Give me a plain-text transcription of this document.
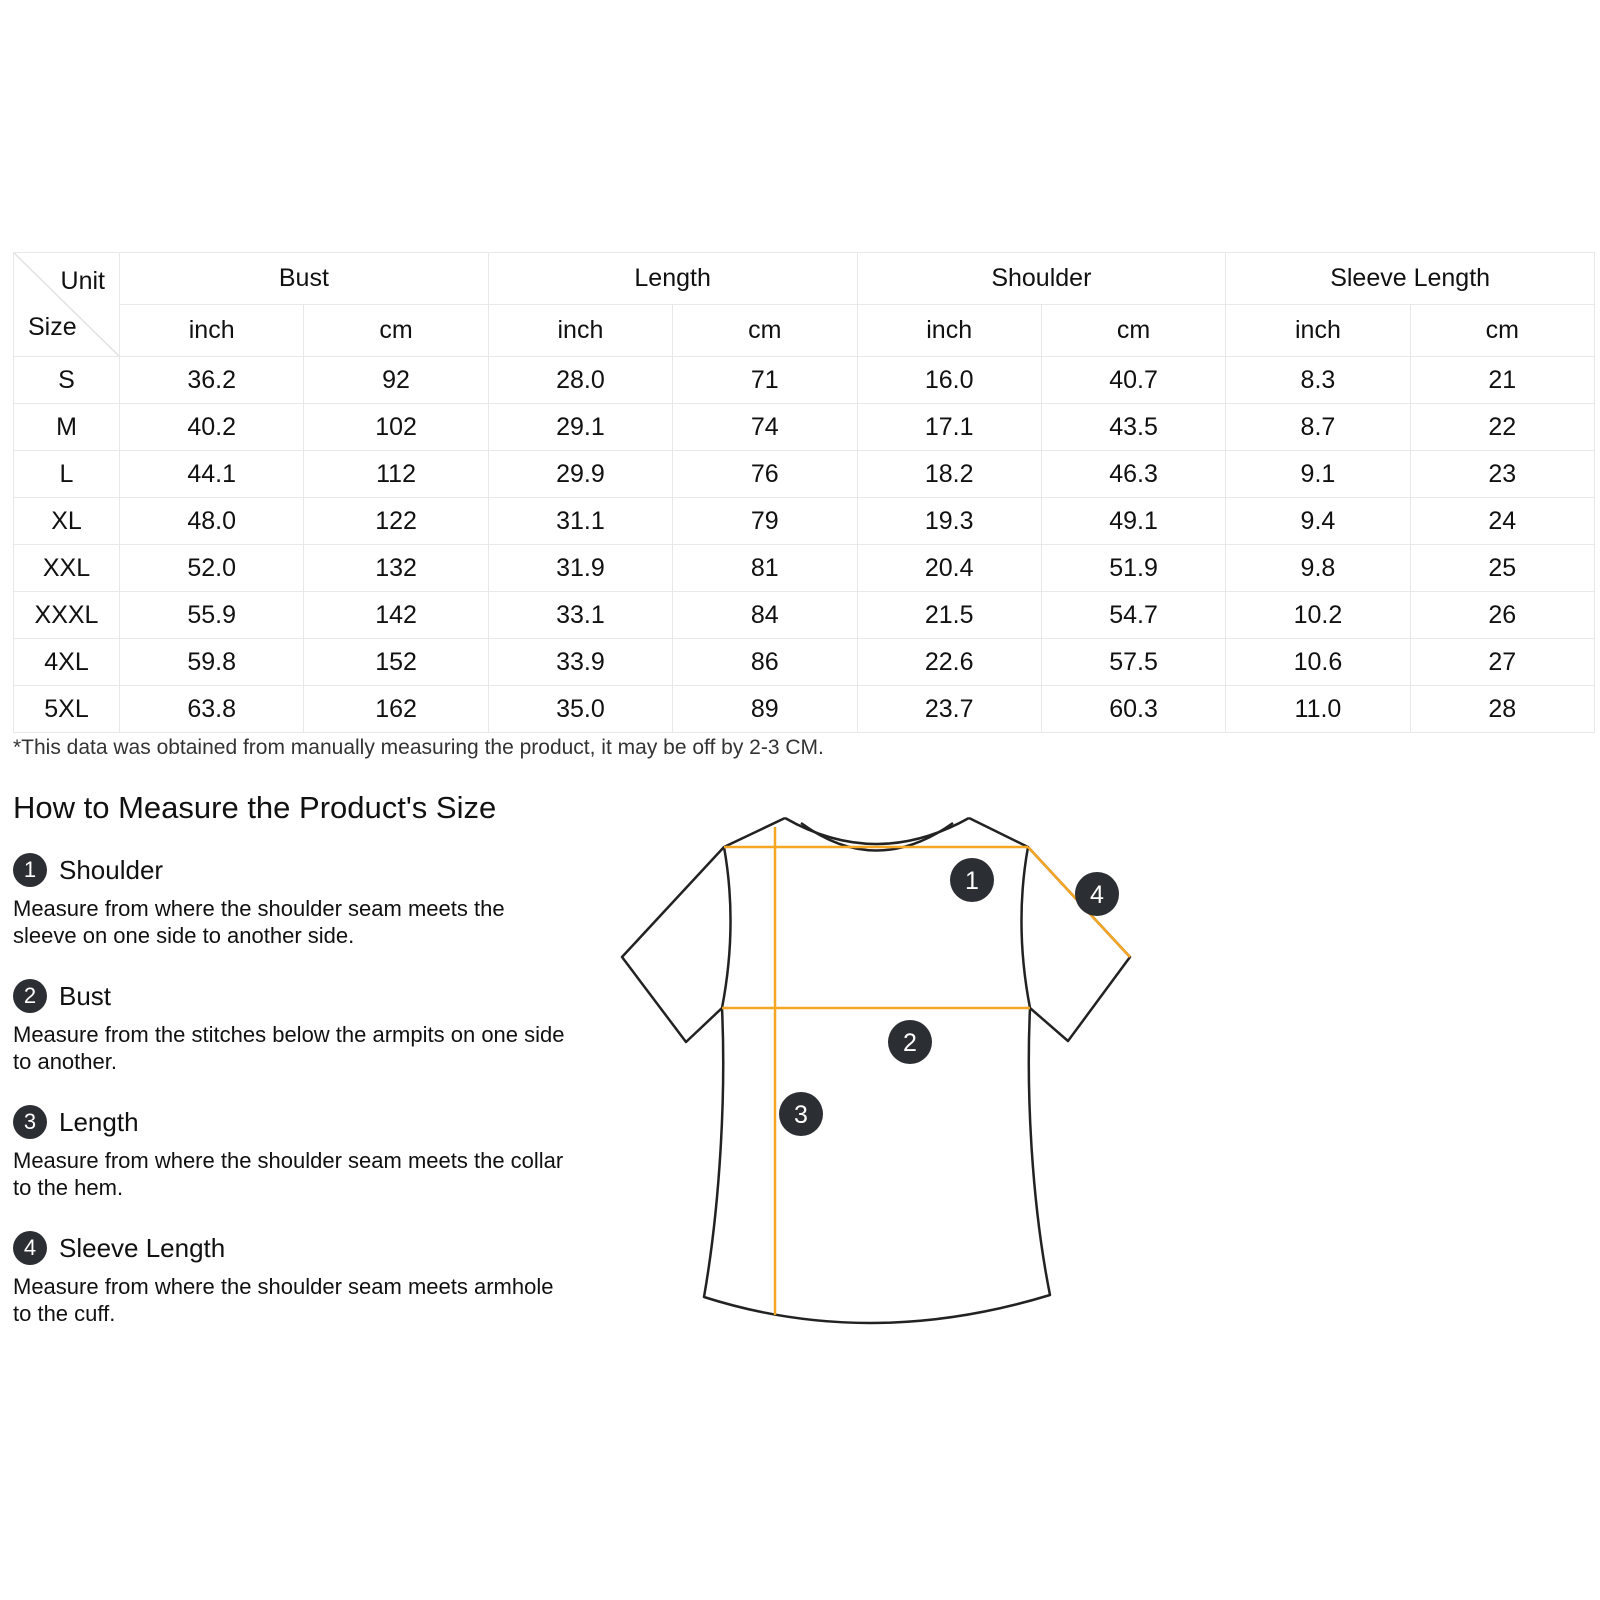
Unit
Size	Bust		Length		Shoulder		Sleeve Length	
	inch	cm	inch	cm	inch	cm	inch	cm
S	36.2	92	28.0	71	16.0	40.7	8.3	21
M	40.2	102	29.1	74	17.1	43.5	8.7	22
L	44.1	112	29.9	76	18.2	46.3	9.1	23
XL	48.0	122	31.1	79	19.3	49.1	9.4	24
XXL	52.0	132	31.9	81	20.4	51.9	9.8	25
XXXL	55.9	142	33.1	84	21.5	54.7	10.2	26
4XL	59.8	152	33.9	86	22.6	57.5	10.6	27
5XL	63.8	162	35.0	89	23.7	60.3	11.0	28
*This data was obtained from manually measuring the product, it may be off by 2-3 CM.
How to Measure the Product's Size
1 Shoulder
Measure from where the shoulder seam meets the sleeve on one side to another side.
2 Bust
Measure from the stitches below the armpits on one side to another.
3 Length
Measure from where the shoulder seam meets the collar to the hem.
4 Sleeve Length
Measure from where the shoulder seam meets armhole to the cuff.
1
2
3
4
